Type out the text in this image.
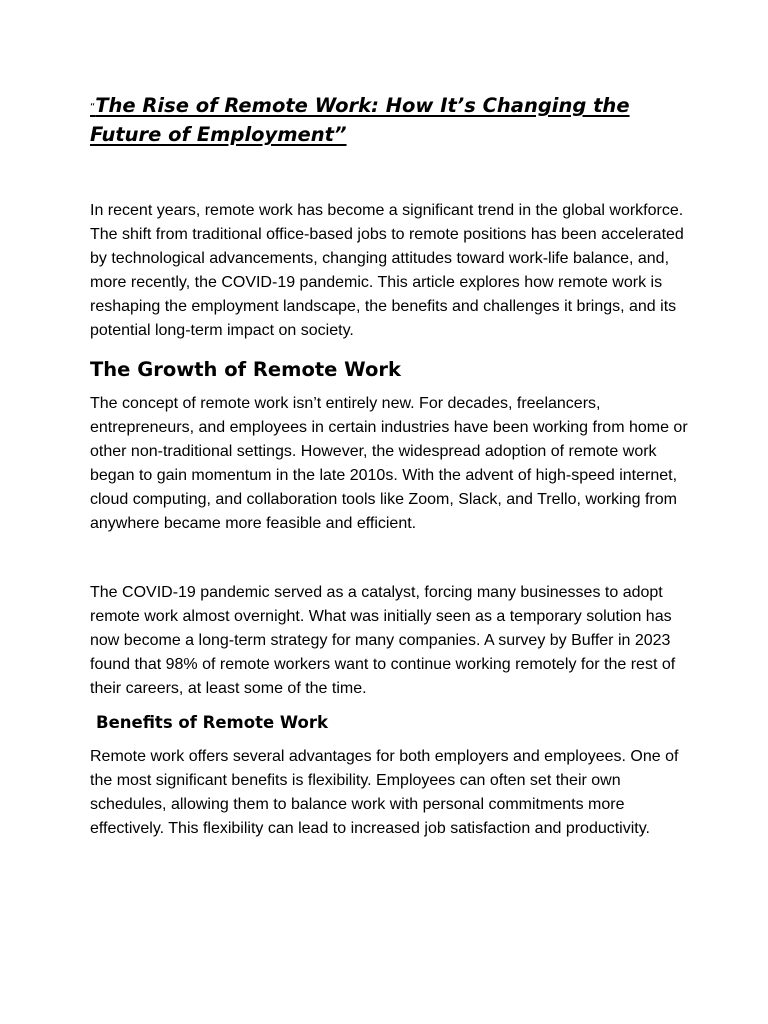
“The Rise of Remote Work: How It’s Changing the Future of Employment”

In recent years, remote work has become a significant trend in the global workforce. The shift from traditional office-based jobs to remote positions has been accelerated by technological advancements, changing attitudes toward work-life balance, and, more recently, the COVID-19 pandemic. This article explores how remote work is reshaping the employment landscape, the benefits and challenges it brings, and its potential long-term impact on society.

The Growth of Remote Work

The concept of remote work isn’t entirely new. For decades, freelancers, entrepreneurs, and employees in certain industries have been working from home or other non-traditional settings. However, the widespread adoption of remote work began to gain momentum in the late 2010s. With the advent of high-speed internet, cloud computing, and collaboration tools like Zoom, Slack, and Trello, working from anywhere became more feasible and efficient.

The COVID-19 pandemic served as a catalyst, forcing many businesses to adopt remote work almost overnight. What was initially seen as a temporary solution has now become a long-term strategy for many companies. A survey by Buffer in 2023 found that 98% of remote workers want to continue working remotely for the rest of their careers, at least some of the time.

Benefits of Remote Work

Remote work offers several advantages for both employers and employees. One of the most significant benefits is flexibility. Employees can often set their own schedules, allowing them to balance work with personal commitments more effectively. This flexibility can lead to increased job satisfaction and productivity.
